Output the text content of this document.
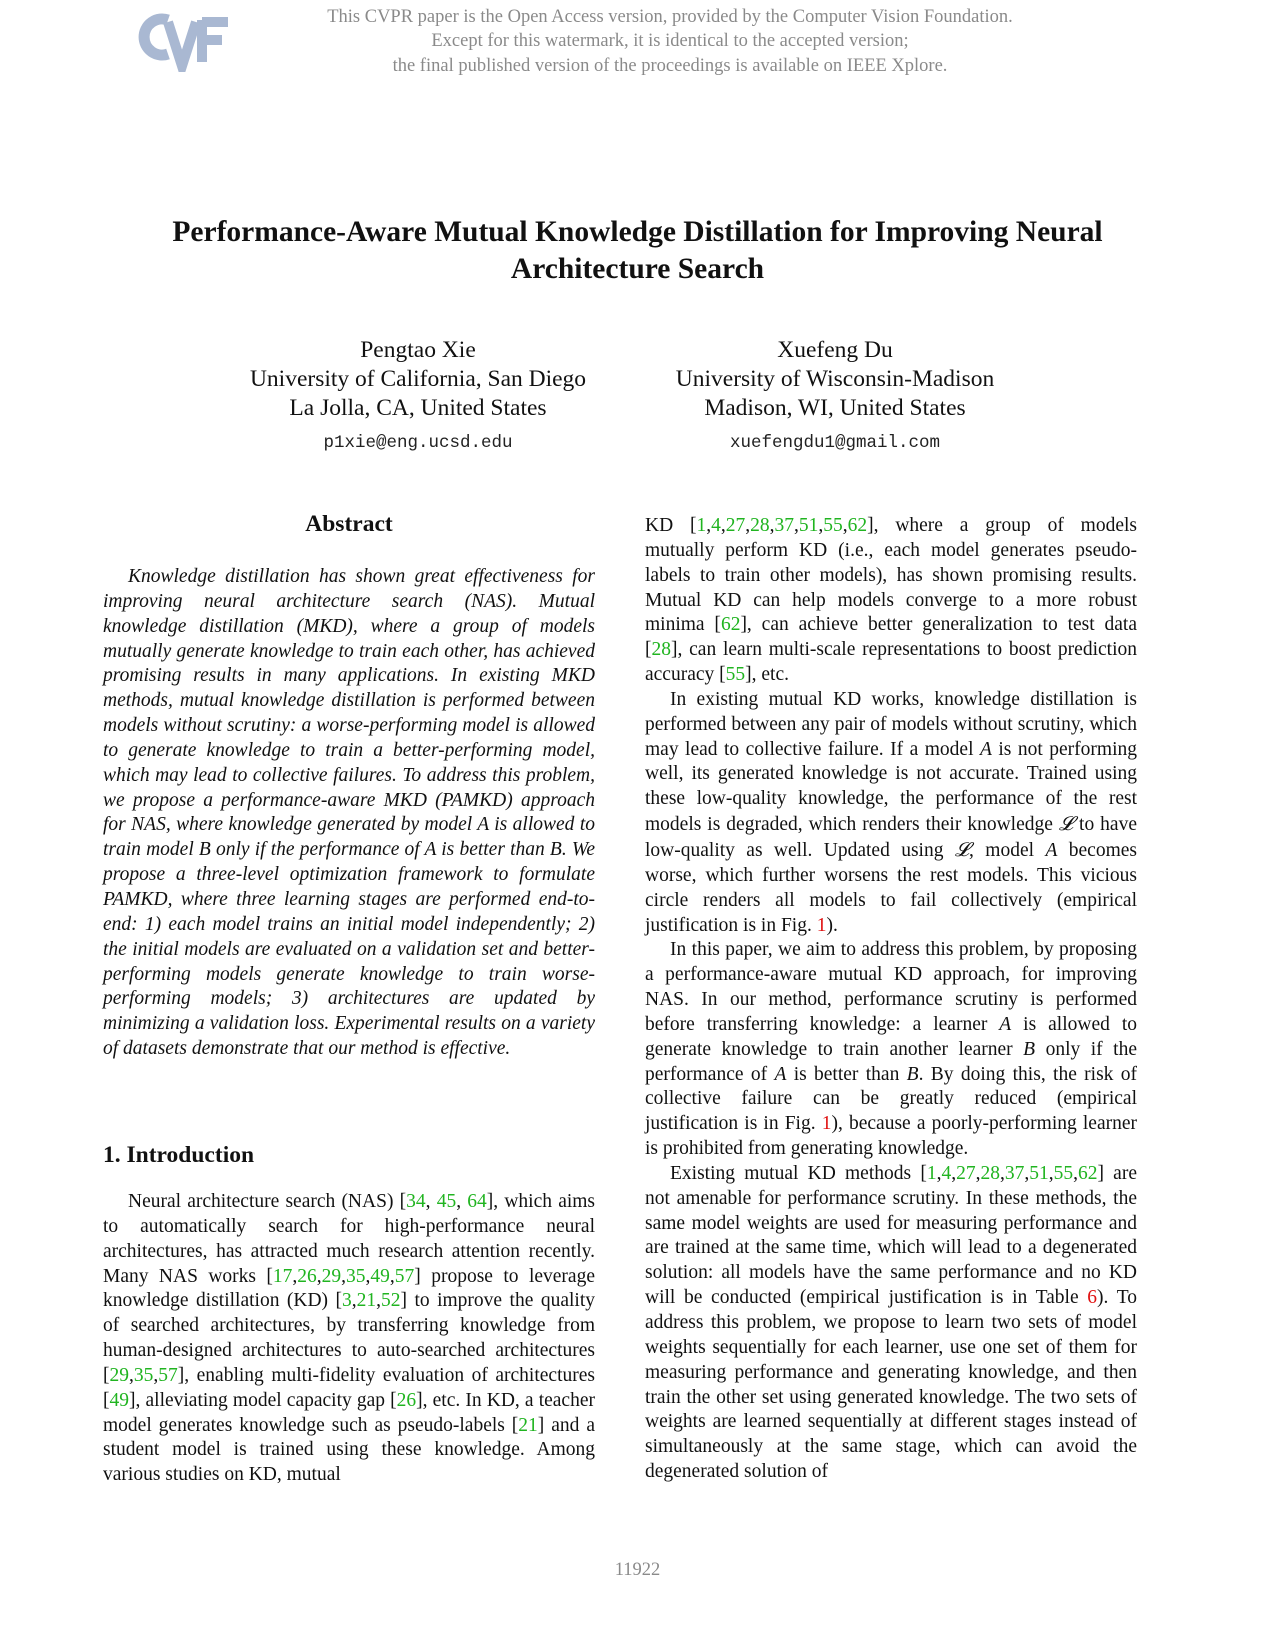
This CVPR paper is the Open Access version, provided by the Computer Vision Foundation.
Except for this watermark, it is identical to the accepted version;
the final published version of the proceedings is available on IEEE Xplore.
Performance-Aware Mutual Knowledge Distillation for Improving Neural
Architecture Search
Pengtao Xie
University of California, San Diego
La Jolla, CA, United States
p1xie@eng.ucsd.edu
Xuefeng Du
University of Wisconsin-Madison
Madison, WI, United States
xuefengdu1@gmail.com
Abstract

Knowledge distillation has shown great effectiveness for improving neural architecture search (NAS). Mutual knowledge distillation (MKD), where a group of models mutually generate knowledge to train each other, has achieved promising results in many applications. In existing MKD methods, mutual knowledge distillation is performed between models without scrutiny: a worse-performing model is allowed to generate knowledge to train a better-performing model, which may lead to collective failures. To address this problem, we propose a performance-aware MKD (PAMKD) approach for NAS, where knowledge generated by model A is allowed to train model B only if the performance of A is better than B. We propose a three-level optimization framework to formulate PAMKD, where three learning stages are performed end-to-end: 1) each model trains an initial model independently; 2) the initial models are evaluated on a validation set and better-performing models generate knowledge to train worse-performing models; 3) architectures are updated by minimizing a validation loss. Experimental results on a variety of datasets demonstrate that our method is effective.

1. Introduction

Neural architecture search (NAS) [34, 45, 64], which aims to automatically search for high-performance neural architectures, has attracted much research attention recently. Many NAS works [17,26,29,35,49,57] propose to leverage knowledge distillation (KD) [3,21,52] to improve the quality of searched architectures, by transferring knowledge from human-designed architectures to auto-searched architectures [29,35,57], enabling multi-fidelity evaluation of architectures [49], alleviating model capacity gap [26], etc. In KD, a teacher model generates knowledge such as pseudo-labels [21] and a student model is trained using these knowledge. Among various studies on KD, mutual

KD [1,4,27,28,37,51,55,62], where a group of models mutually perform KD (i.e., each model generates pseudo-labels to train other models), has shown promising results. Mutual KD can help models converge to a more robust minima [62], can achieve better generalization to test data [28], can learn multi-scale representations to boost prediction accuracy [55], etc.

In existing mutual KD works, knowledge distillation is performed between any pair of models without scrutiny, which may lead to collective failure. If a model A is not performing well, its generated knowledge is not accurate. Trained using these low-quality knowledge, the performance of the rest models is degraded, which renders their knowledge 𝓛 to have low-quality as well. Updated using 𝓛, model A becomes worse, which further worsens the rest models. This vicious circle renders all models to fail collectively (empirical justification is in Fig. 1).

In this paper, we aim to address this problem, by proposing a performance-aware mutual KD approach, for improving NAS. In our method, performance scrutiny is performed before transferring knowledge: a learner A is allowed to generate knowledge to train another learner B only if the performance of A is better than B. By doing this, the risk of collective failure can be greatly reduced (empirical justification is in Fig. 1), because a poorly-performing learner is prohibited from generating knowledge.

Existing mutual KD methods [1,4,27,28,37,51,55,62] are not amenable for performance scrutiny. In these methods, the same model weights are used for measuring performance and are trained at the same time, which will lead to a degenerated solution: all models have the same performance and no KD will be conducted (empirical justification is in Table 6). To address this problem, we propose to learn two sets of model weights sequentially for each learner, use one set of them for measuring performance and generating knowledge, and then train the other set using generated knowledge. The two sets of weights are learned sequentially at different stages instead of simultaneously at the same stage, which can avoid the degenerated solution of

11922
